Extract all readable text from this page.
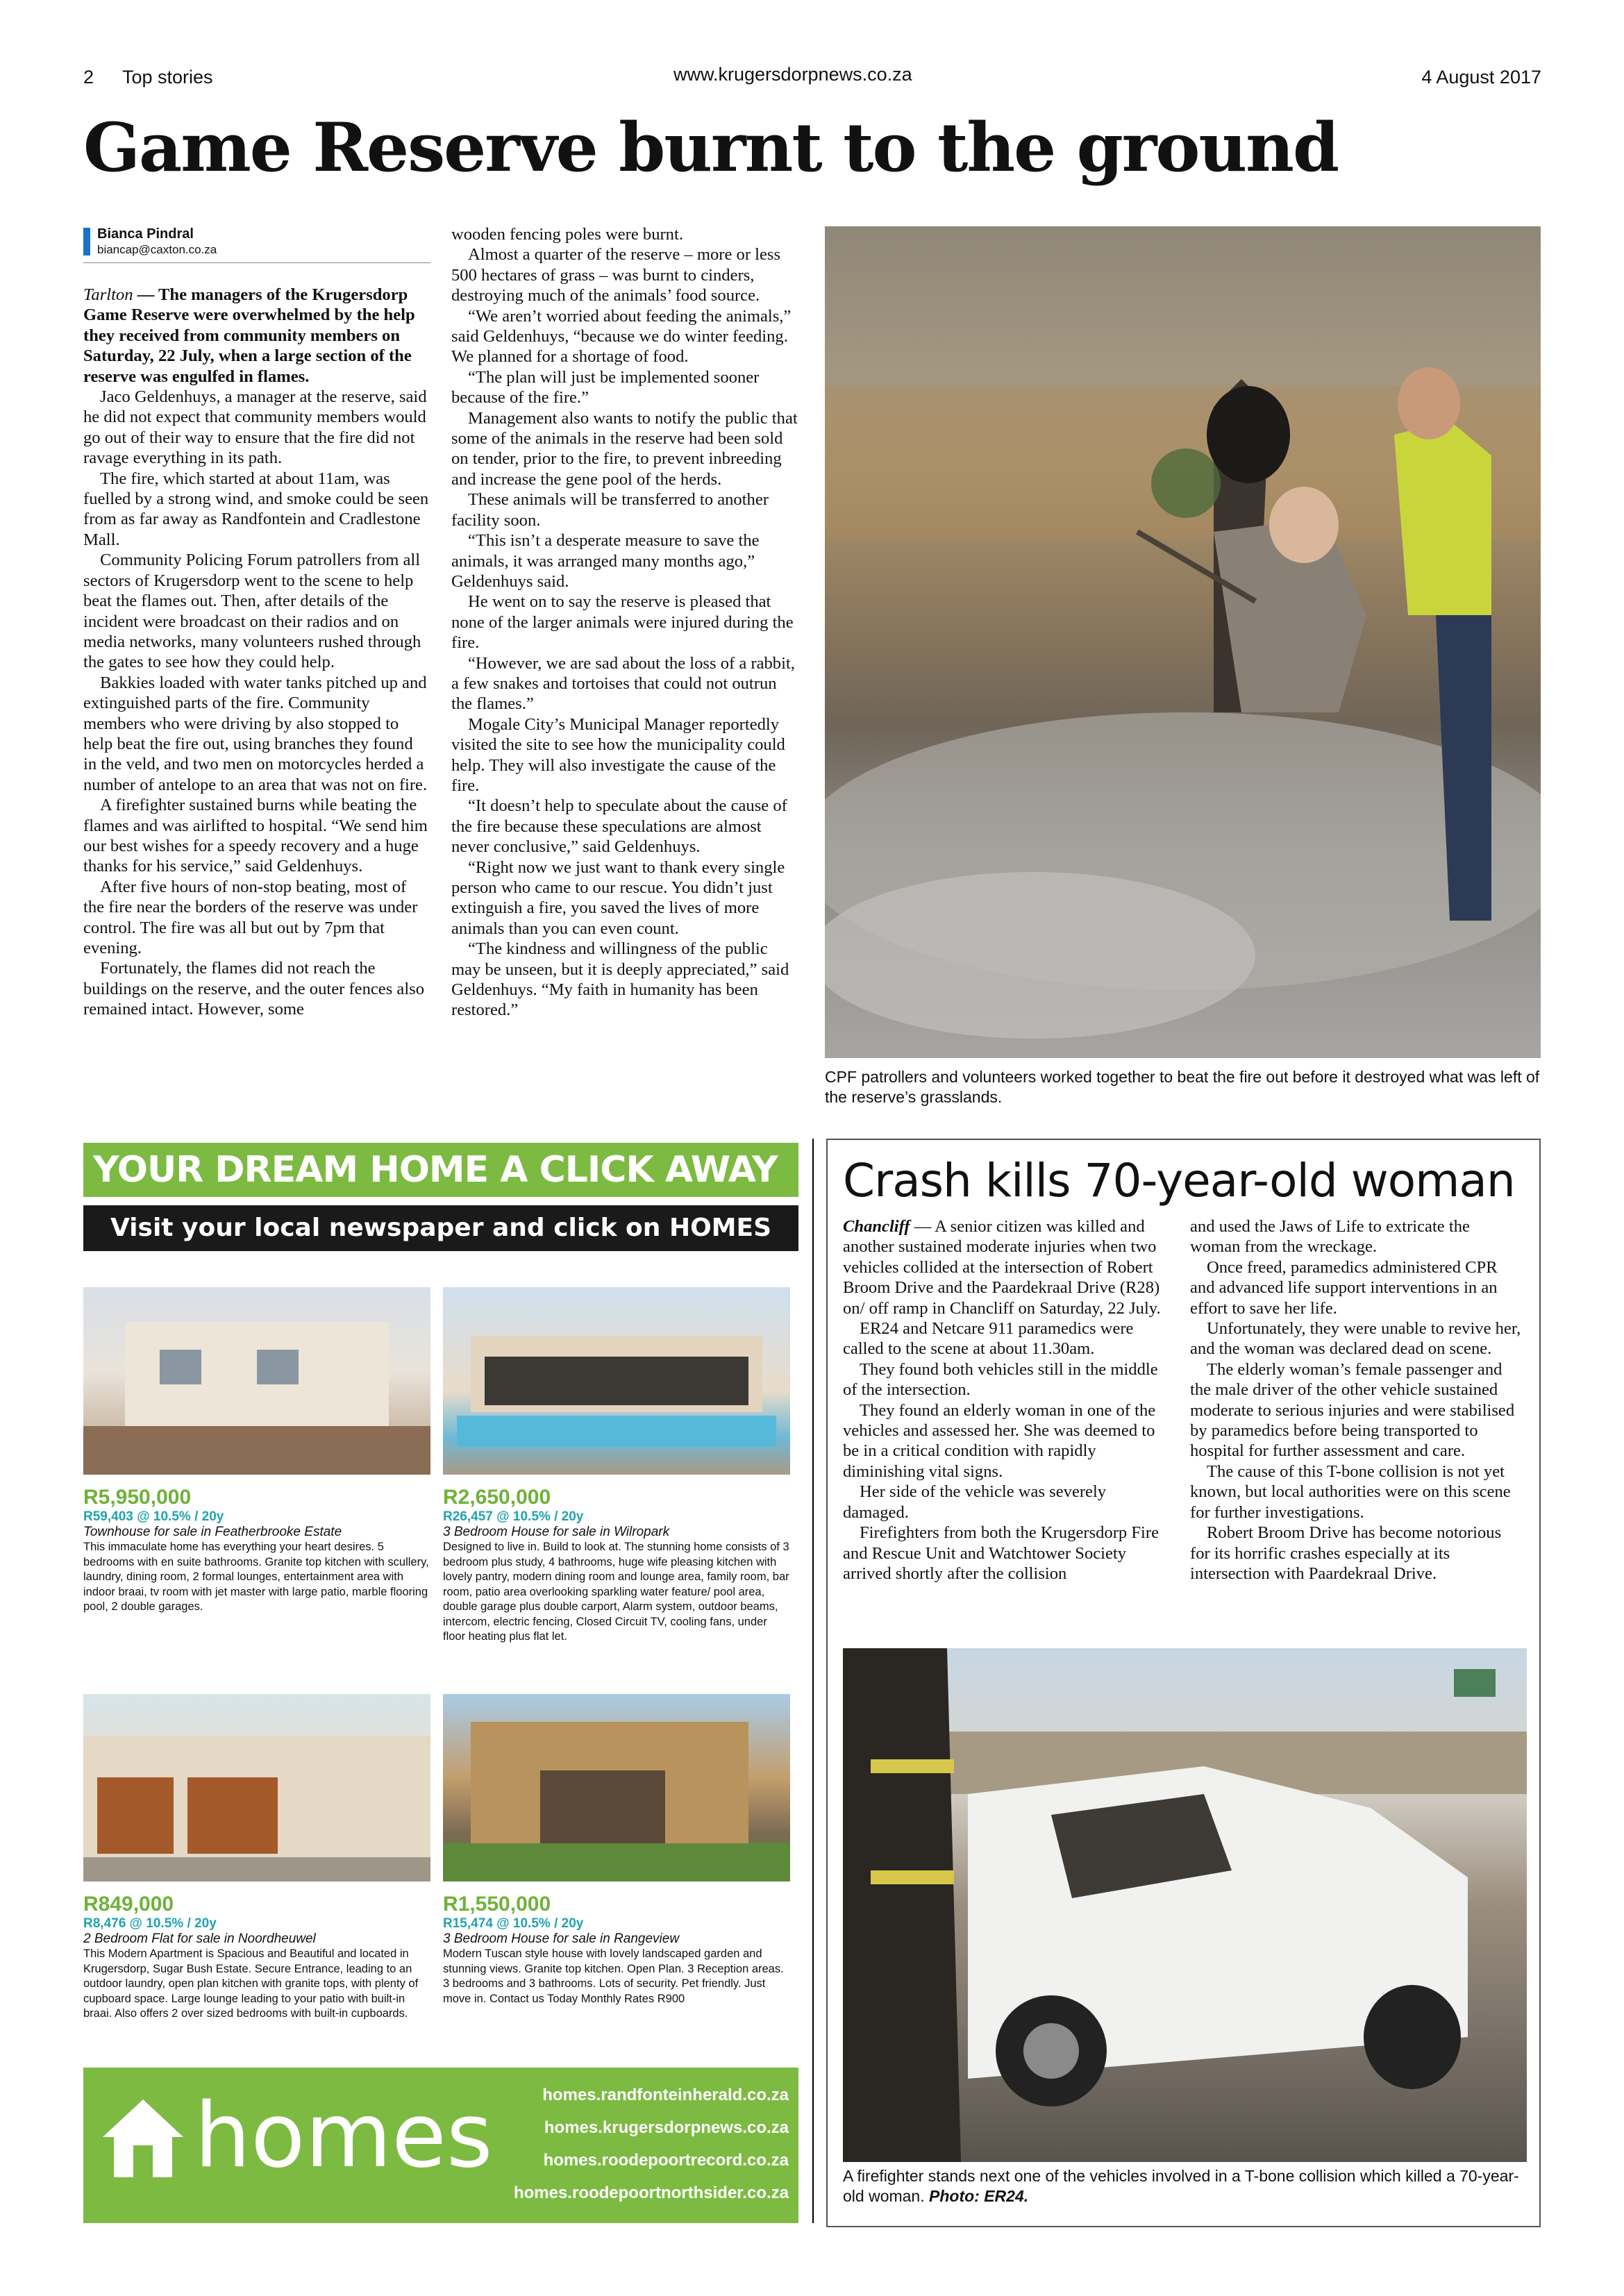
2 Top stories	www.krugersdorpnews.co.za	4 August 2017
Game Reserve burnt to the ground
Bianca Pindral
biancap@caxton.co.za

Tarlton — The managers of the Krugersdorp Game Reserve were overwhelmed by the help they received from community members on Saturday, 22 July, when a large section of the reserve was engulfed in flames.

Jaco Geldenhuys, a manager at the reserve, said he did not expect that community members would go out of their way to ensure that the fire did not ravage everything in its path.

The fire, which started at about 11am, was fuelled by a strong wind, and smoke could be seen from as far away as Randfontein and Cradlestone Mall.

Community Policing Forum patrollers from all sectors of Krugersdorp went to the scene to help beat the flames out. Then, after details of the incident were broadcast on their radios and on media networks, many volunteers rushed through the gates to see how they could help.

Bakkies loaded with water tanks pitched up and extinguished parts of the fire. Community members who were driving by also stopped to help beat the fire out, using branches they found in the veld, and two men on motorcycles herded a number of antelope to an area that was not on fire.

A firefighter sustained burns while beating the flames and was airlifted to hospital. “We send him our best wishes for a speedy recovery and a huge thanks for his service,” said Geldenhuys.

After five hours of non-stop beating, most of the fire near the borders of the reserve was under control. The fire was all but out by 7pm that evening.

Fortunately, the flames did not reach the buildings on the reserve, and the outer fences also remained intact. However, some

wooden fencing poles were burnt.

Almost a quarter of the reserve – more or less 500 hectares of grass – was burnt to cinders, destroying much of the animals’ food source.

“We aren’t worried about feeding the animals,” said Geldenhuys, “because we do winter feeding. We planned for a shortage of food.

“The plan will just be implemented sooner because of the fire.”

Management also wants to notify the public that some of the animals in the reserve had been sold on tender, prior to the fire, to prevent inbreeding and increase the gene pool of the herds.

These animals will be transferred to another facility soon.

“This isn’t a desperate measure to save the animals, it was arranged many months ago,” Geldenhuys said.

He went on to say the reserve is pleased that none of the larger animals were injured during the fire.

“However, we are sad about the loss of a rabbit, a few snakes and tortoises that could not outrun the flames.”

Mogale City’s Municipal Manager reportedly visited the site to see how the municipality could help. They will also investigate the cause of the fire.

“It doesn’t help to speculate about the cause of the fire because these speculations are almost never conclusive,” said Geldenhuys.

“Right now we just want to thank every single person who came to our rescue. You didn’t just extinguish a fire, you saved the lives of more animals than you can even count.

“The kindness and willingness of the public may be unseen, but it is deeply appreciated,” said Geldenhuys. “My faith in humanity has been restored.”

CPF patrollers and volunteers worked together to beat the fire out before it destroyed what was left of the reserve’s grasslands.
YOUR DREAM HOME A CLICK AWAY
Visit your local newspaper and click on HOMES
R5,950,000
R59,403 @ 10.5% / 20y
Townhouse for sale in Featherbrooke Estate
This immaculate home has everything your heart desires. 5 bedrooms with en suite bathrooms. Granite top kitchen with scullery, laundry, dining room, 2 formal lounges, entertainment area with indoor braai, tv room with jet master with large patio, marble flooring pool, 2 double garages.
R2,650,000
R26,457 @ 10.5% / 20y
3 Bedroom House for sale in Wilropark
Designed to live in. Build to look at. The stunning home consists of 3 bedroom plus study, 4 bathrooms, huge wife pleasing kitchen with lovely pantry, modern dining room and lounge area, family room, bar room, patio area overlooking sparkling water feature/ pool area, double garage plus double carport, Alarm system, outdoor beams, intercom, electric fencing, Closed Circuit TV, cooling fans, under floor heating plus flat let.
R849,000
R8,476 @ 10.5% / 20y
2 Bedroom Flat for sale in Noordheuwel
This Modern Apartment is Spacious and Beautiful and located in Krugersdorp, Sugar Bush Estate. Secure Entrance, leading to an outdoor laundry, open plan kitchen with granite tops, with plenty of cupboard space. Large lounge leading to your patio with built-in braai. Also offers 2 over sized bedrooms with built-in cupboards.
R1,550,000
R15,474 @ 10.5% / 20y
3 Bedroom House for sale in Rangeview
Modern Tuscan style house with lovely landscaped garden and stunning views. Granite top kitchen. Open Plan. 3 Reception areas. 3 bedrooms and 3 bathrooms. Lots of security. Pet friendly. Just move in. Contact us Today Monthly Rates R900
homes	homes.randfonteinherald.co.za
homes.krugersdorpnews.co.za
homes.roodepoortrecord.co.za
homes.roodepoortnorthsider.co.za
Crash kills 70-year-old woman

Chancliff — A senior citizen was killed and another sustained moderate injuries when two vehicles collided at the intersection of Robert Broom Drive and the Paardekraal Drive (R28) on/ off ramp in Chancliff on Saturday, 22 July.

ER24 and Netcare 911 paramedics were called to the scene at about 11.30am.

They found both vehicles still in the middle of the intersection.

They found an elderly woman in one of the vehicles and assessed her. She was deemed to be in a critical condition with rapidly diminishing vital signs.

Her side of the vehicle was severely damaged.

Firefighters from both the Krugersdorp Fire and Rescue Unit and Watchtower Society arrived shortly after the collision

and used the Jaws of Life to extricate the woman from the wreckage.

Once freed, paramedics administered CPR and advanced life support interventions in an effort to save her life.

Unfortunately, they were unable to revive her, and the woman was declared dead on scene.

The elderly woman’s female passenger and the male driver of the other vehicle sustained moderate to serious injuries and were stabilised by paramedics before being transported to hospital for further assessment and care.

The cause of this T-bone collision is not yet known, but local authorities were on this scene for further investigations.

Robert Broom Drive has become notorious for its horrific crashes especially at its intersection with Paardekraal Drive.

A firefighter stands next one of the vehicles involved in a T-bone collision which killed a 70-year-old woman. Photo: ER24.
